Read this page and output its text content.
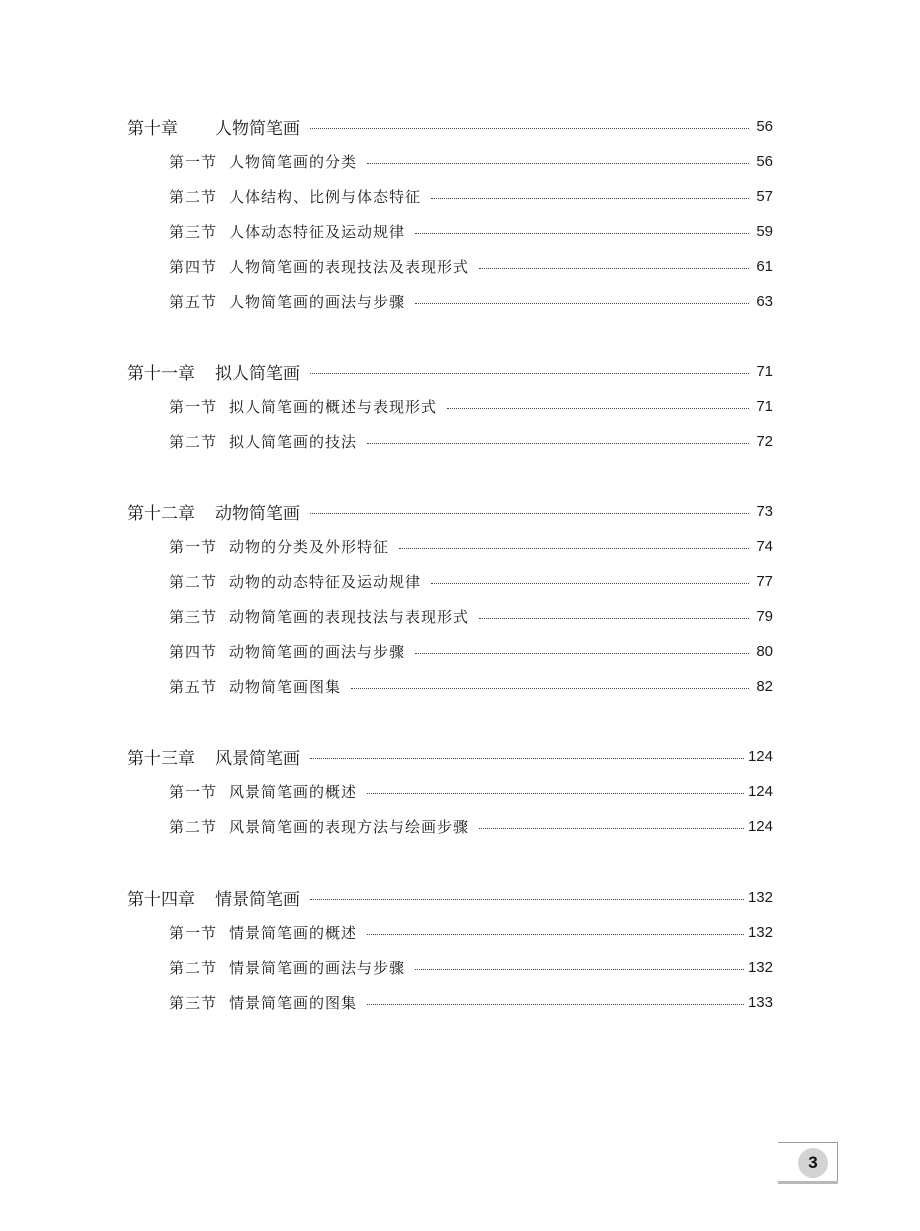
第十章	人物简笔画	56
第一节 人物简笔画的分类	56
第二节 人体结构、比例与体态特征	57
第三节 人体动态特征及运动规律	59
第四节 人物简笔画的表现技法及表现形式	61
第五节 人物简笔画的画法与步骤	63
第十一章	拟人简笔画	71
第一节 拟人简笔画的概述与表现形式	71
第二节 拟人简笔画的技法	72
第十二章	动物简笔画	73
第一节 动物的分类及外形特征	74
第二节 动物的动态特征及运动规律	77
第三节 动物简笔画的表现技法与表现形式	79
第四节 动物简笔画的画法与步骤	80
第五节 动物简笔画图集	82
第十三章	风景简笔画	124
第一节 风景简笔画的概述	124
第二节 风景简笔画的表现方法与绘画步骤	124
第十四章	情景简笔画	132
第一节 情景简笔画的概述	132
第二节 情景简笔画的画法与步骤	132
第三节 情景简笔画的图集	133
3
